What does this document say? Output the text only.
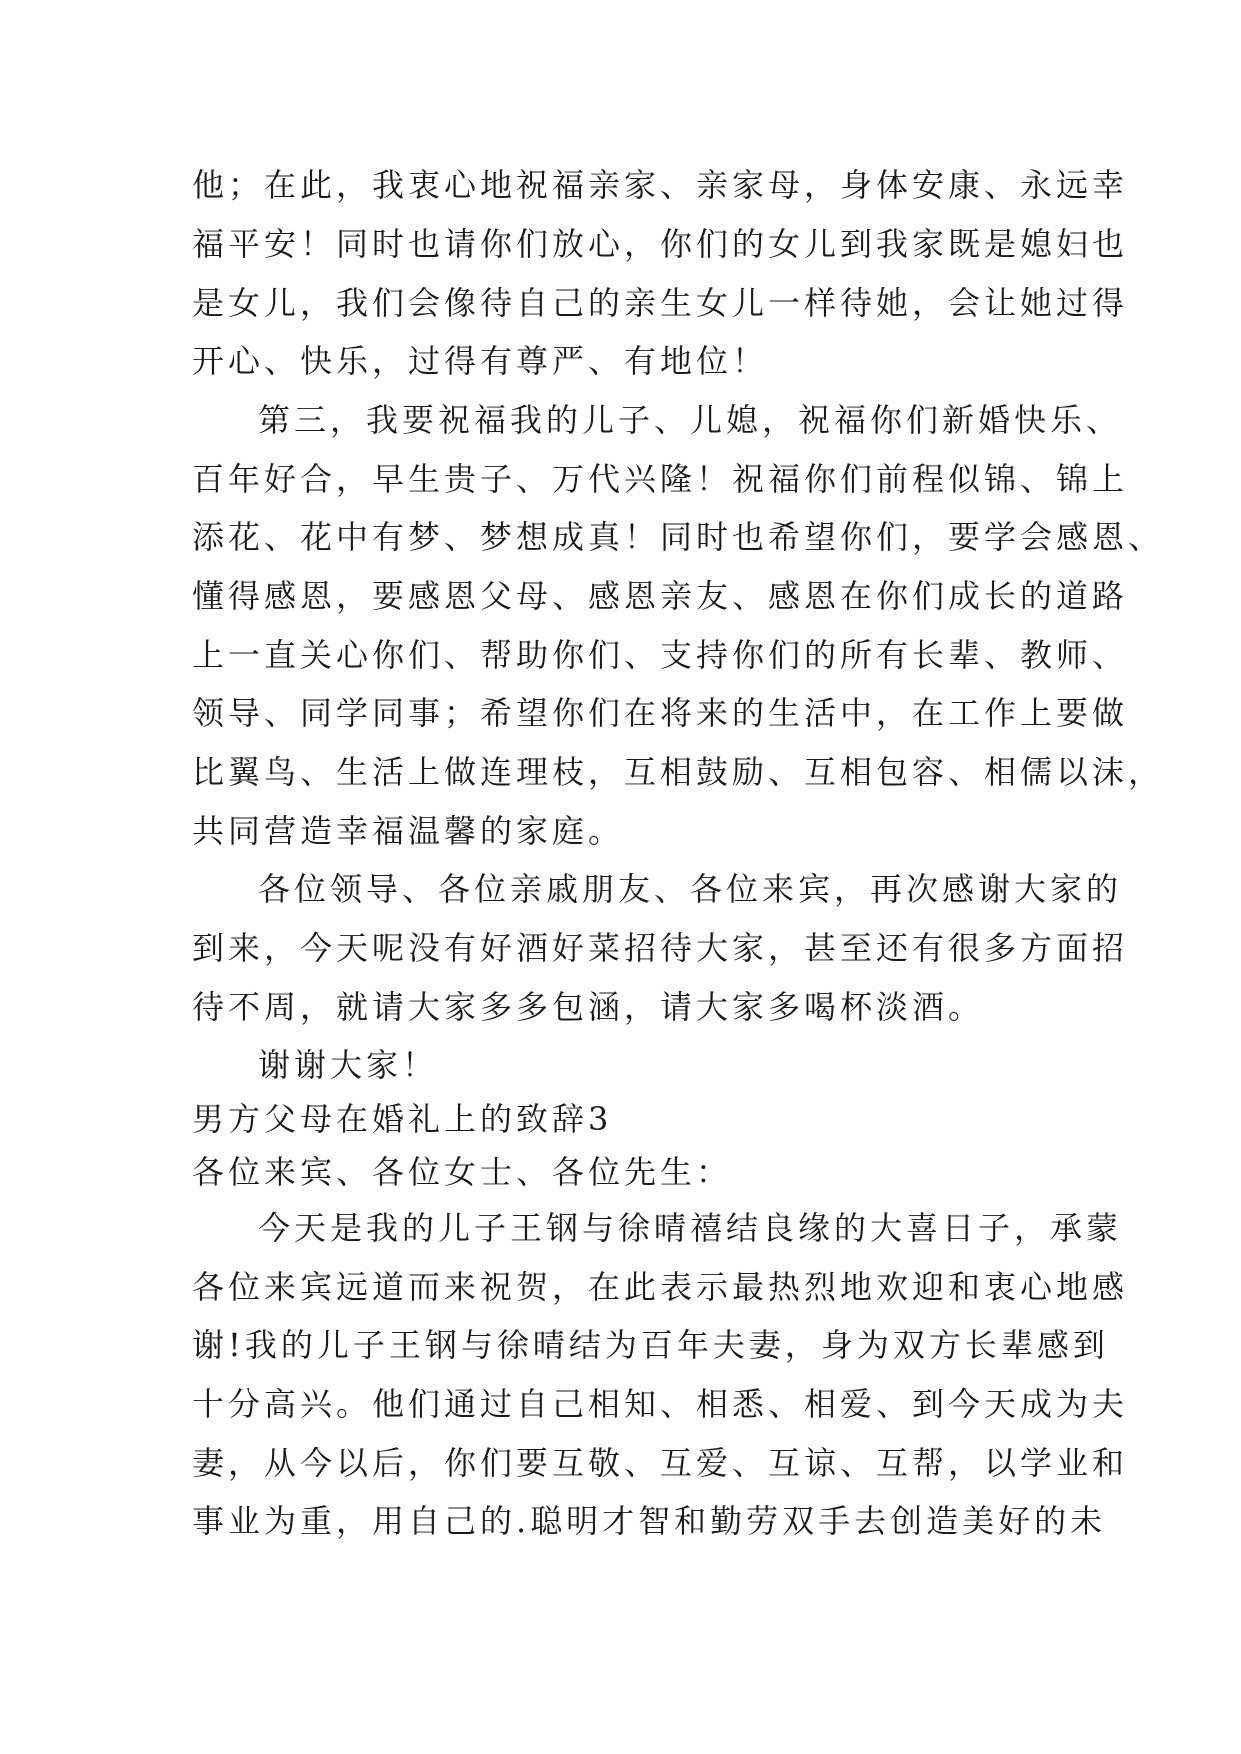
他；在此，我衷心地祝福亲家、亲家母，身体安康、永远幸
福平安！同时也请你们放心，你们的女儿到我家既是媳妇也
是女儿，我们会像待自己的亲生女儿一样待她，会让她过得
开心、快乐，过得有尊严、有地位！
第三，我要祝福我的儿子、儿媳，祝福你们新婚快乐、
百年好合，早生贵子、万代兴隆！祝福你们前程似锦、锦上
添花、花中有梦、梦想成真！同时也希望你们，要学会感恩、
懂得感恩，要感恩父母、感恩亲友、感恩在你们成长的道路
上一直关心你们、帮助你们、支持你们的所有长辈、教师、
领导、同学同事；希望你们在将来的生活中，在工作上要做
比翼鸟、生活上做连理枝，互相鼓励、互相包容、相儒以沫，
共同营造幸福温馨的家庭。
各位领导、各位亲戚朋友、各位来宾，再次感谢大家的
到来，今天呢没有好酒好菜招待大家，甚至还有很多方面招
待不周，就请大家多多包涵，请大家多喝杯淡酒。
谢谢大家！
男方父母在婚礼上的致辞3
各位来宾、各位女士、各位先生：
今天是我的儿子王钢与徐晴禧结良缘的大喜日子，承蒙
各位来宾远道而来祝贺，在此表示最热烈地欢迎和衷心地感
谢!我的儿子王钢与徐晴结为百年夫妻，身为双方长辈感到
十分高兴。他们通过自己相知、相悉、相爱、到今天成为夫
妻，从今以后，你们要互敬、互爱、互谅、互帮，以学业和
事业为重，用自己的.聪明才智和勤劳双手去创造美好的未
